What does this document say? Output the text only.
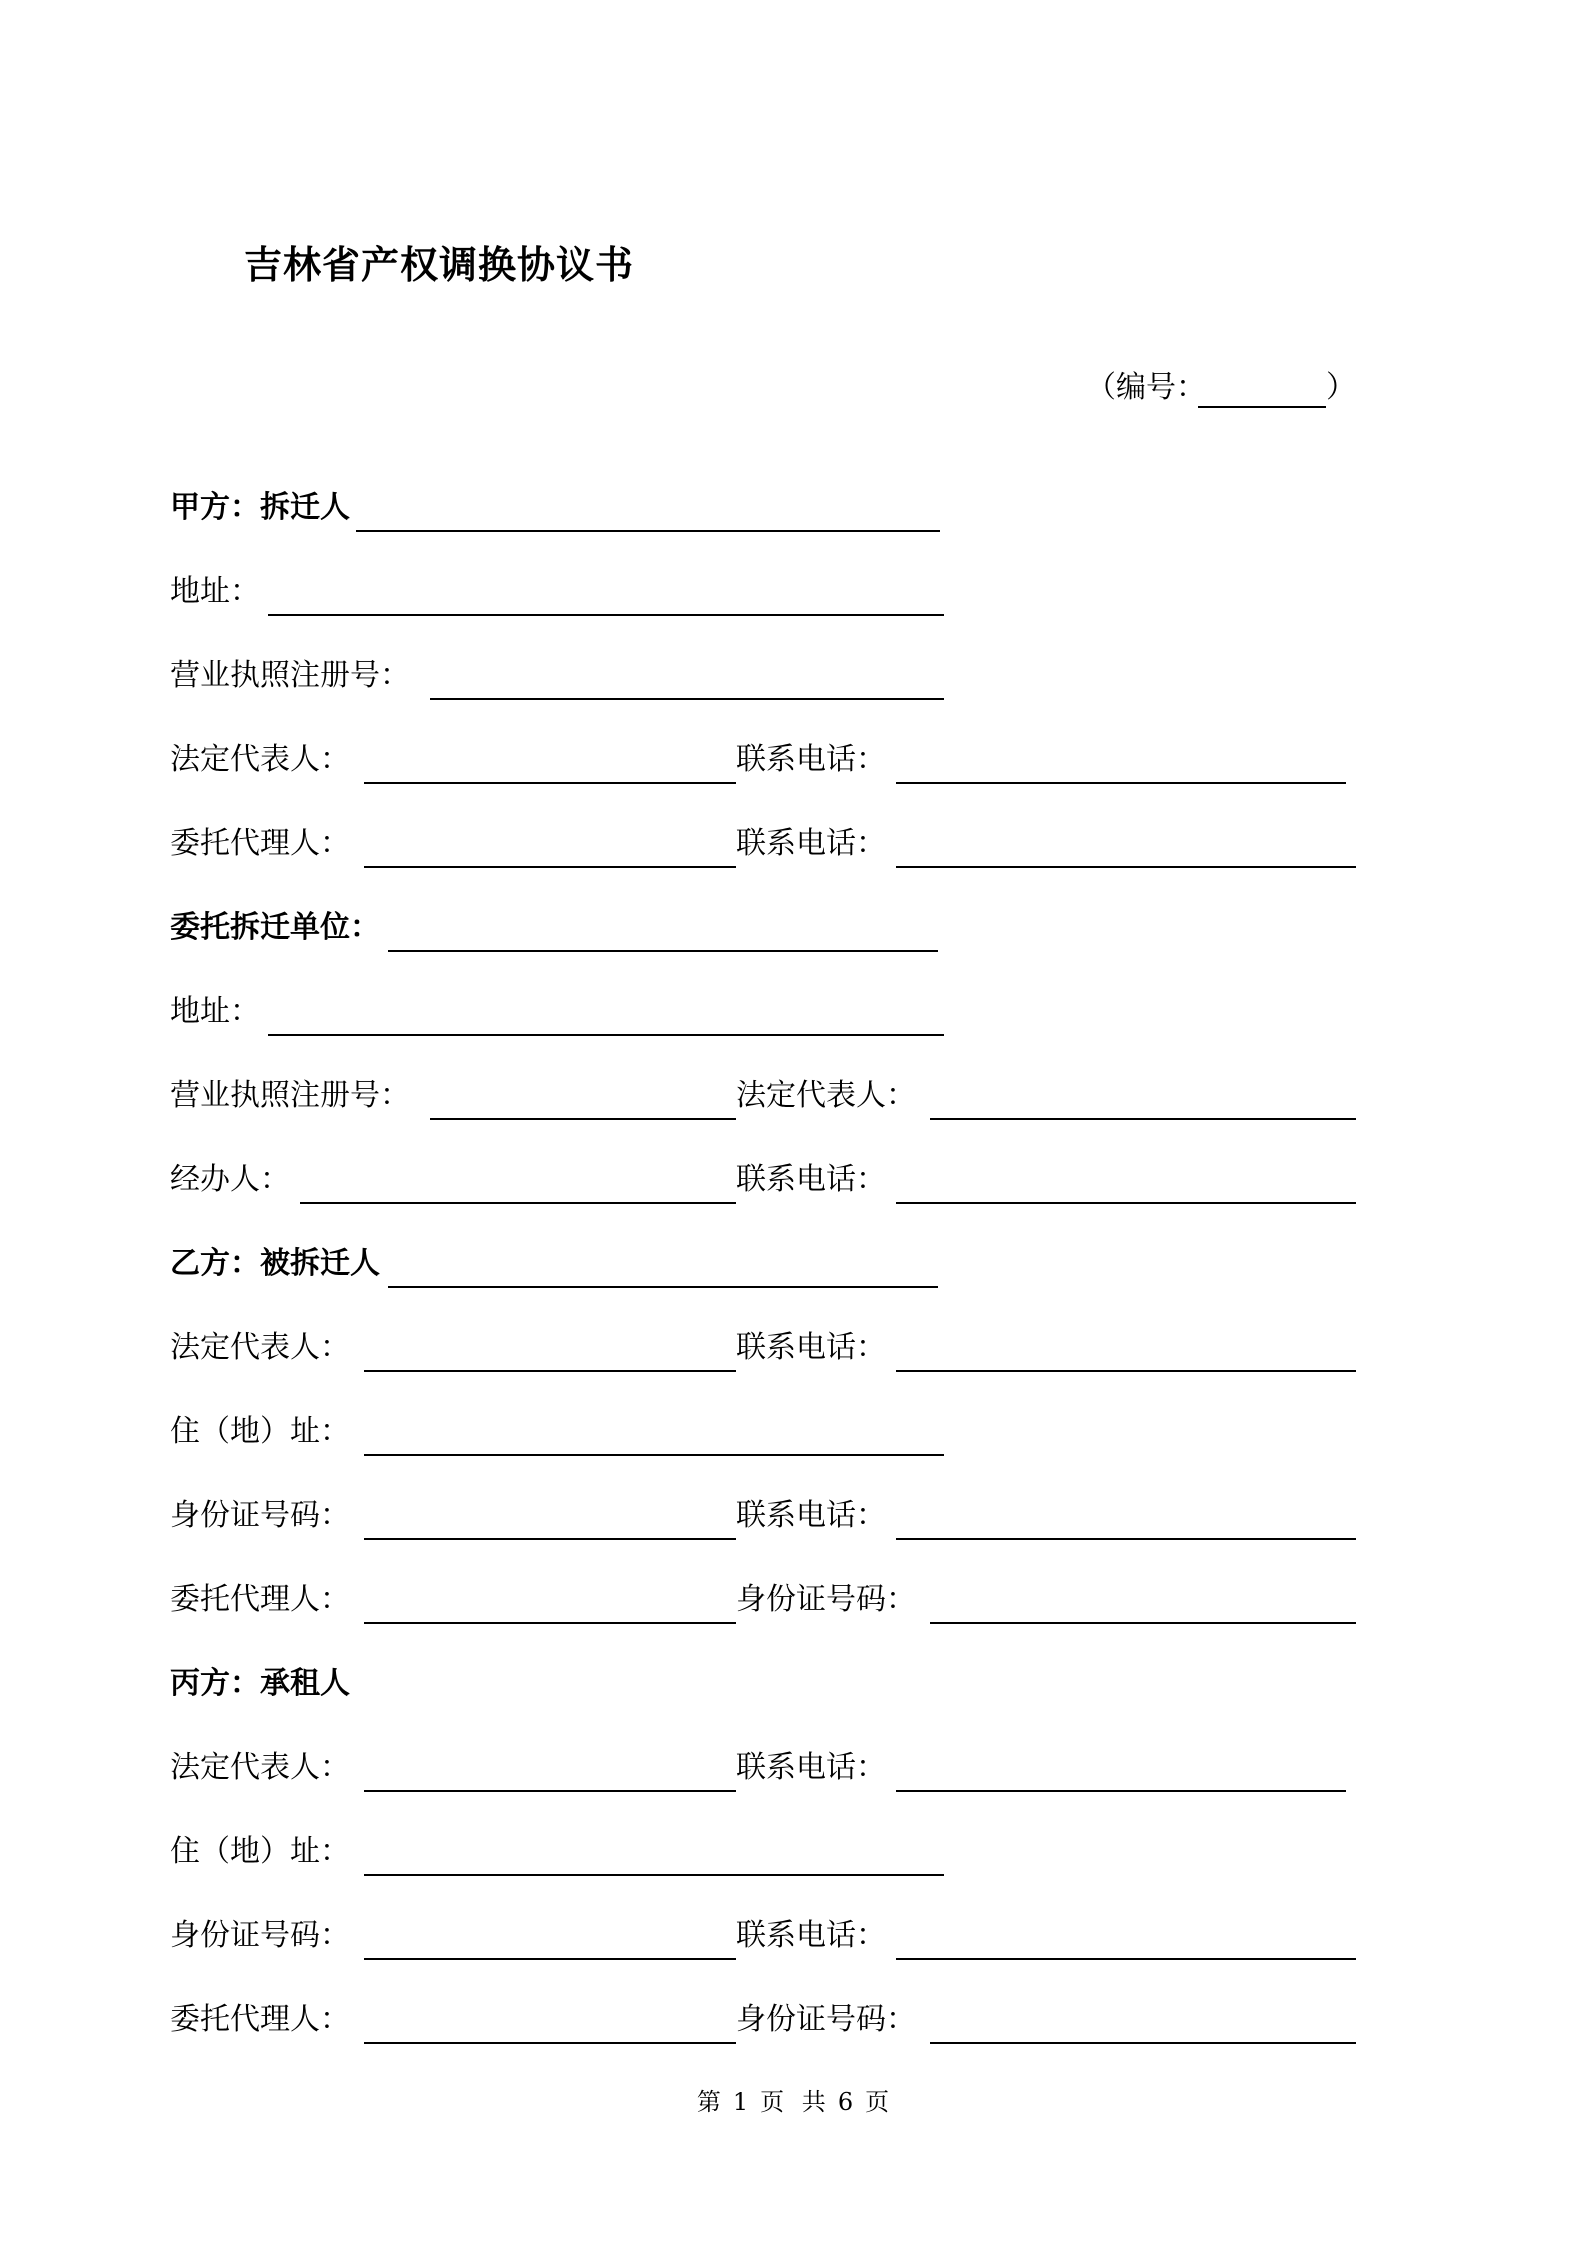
吉林省产权调换协议书
（编号：	）
甲方：拆迁人
地址：
营业执照注册号：
法定代表人：	联系电话：
委托代理人：	联系电话：
委托拆迁单位：
地址：
营业执照注册号：	法定代表人：
经办人：	联系电话：
乙方：被拆迁人
法定代表人：	联系电话：
住（地）址：
身份证号码：	联系电话：
委托代理人：	身份证号码：
丙方：承租人
法定代表人：	联系电话：
住（地）址：
身份证号码：	联系电话：
委托代理人：	身份证号码：
第 1 页 共 6 页
